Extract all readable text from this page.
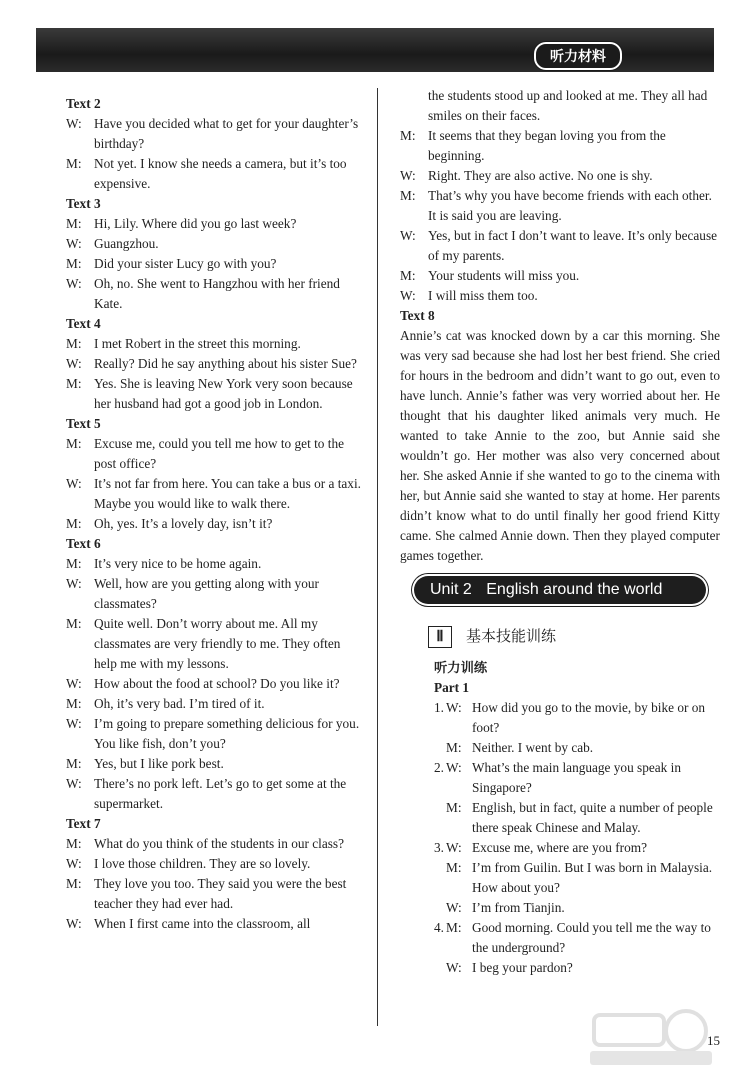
听力材料
Text 2
W: Have you decided what to get for your daughter’s birthday?
M: Not yet. I know she needs a camera, but it’s too expensive.
Text 3
M: Hi, Lily. Where did you go last week?
W: Guangzhou.
M: Did your sister Lucy go with you?
W: Oh, no. She went to Hangzhou with her friend Kate.
Text 4
M: I met Robert in the street this morning.
W: Really? Did he say anything about his sister Sue?
M: Yes. She is leaving New York very soon because her husband had got a good job in London.
Text 5
M: Excuse me, could you tell me how to get to the post office?
W: It’s not far from here. You can take a bus or a taxi. Maybe you would like to walk there.
M: Oh, yes. It’s a lovely day, isn’t it?
Text 6
M: It’s very nice to be home again.
W: Well, how are you getting along with your classmates?
M: Quite well. Don’t worry about me. All my classmates are very friendly to me. They often help me with my lessons.
W: How about the food at school? Do you like it?
M: Oh, it’s very bad. I’m tired of it.
W: I’m going to prepare something delicious for you. You like fish, don’t you?
M: Yes, but I like pork best.
W: There’s no pork left. Let’s go to get some at the supermarket.
Text 7
M: What do you think of the students in our class?
W: I love those children. They are so lovely.
M: They love you too. They said you were the best teacher they had ever had.
W: When I first came into the classroom, all
the students stood up and looked at me. They all had smiles on their faces.
M: It seems that they began loving you from the beginning.
W: Right. They are also active. No one is shy.
M: That’s why you have become friends with each other. It is said you are leaving.
W: Yes, but in fact I don’t want to leave. It’s only because of my parents.
M: Your students will miss you.
W: I will miss them too.
Text 8
Annie’s cat was knocked down by a car this morning. She was very sad because she had lost her best friend. She cried for hours in the bedroom and didn’t want to go out, even to have lunch. Annie’s father was very worried about her. He thought that his daughter liked animals very much. He wanted to take Annie to the zoo, but Annie said she wouldn’t go. Her mother was also very concerned about her. She asked Annie if she wanted to go to the cinema with her, but Annie said she wanted to stay at home. Her parents didn’t know what to do until finally her good friend Kitty came. She calmed Annie down. Then they played computer games together.
Unit 2 English around the world
Ⅱ	基本技能训练
听力训练
Part 1
1. W: How did you go to the movie, by bike or on foot?
M: Neither. I went by cab.
2. W: What’s the main language you speak in Singapore?
M: English, but in fact, quite a number of people there speak Chinese and Malay.
3. W: Excuse me, where are you from?
M: I’m from Guilin. But I was born in Malaysia. How about you?
W: I’m from Tianjin.
4. M: Good morning. Could you tell me the way to the underground?
W: I beg your pardon?
15
